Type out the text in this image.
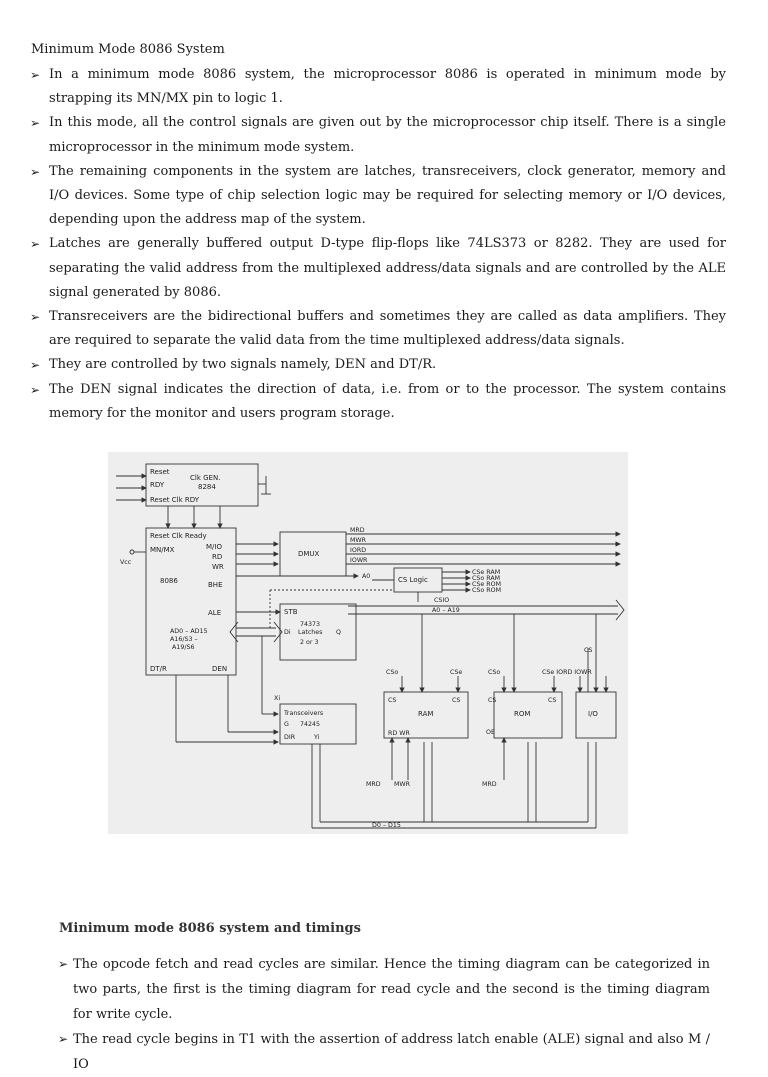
Minimum Mode 8086 System
➢ In a minimum mode 8086 system, the microprocessor 8086 is operated in minimum mode by strapping its MN/MX pin to logic 1.
➢ In this mode, all the control signals are given out by the microprocessor chip itself. There is a single microprocessor in the minimum mode system.
➢ The remaining components in the system are latches, transreceivers, clock generator, memory and I/O devices. Some type of chip selection logic may be required for selecting memory or I/O devices, depending upon the address map of the system.
➢ Latches are generally buffered output D-type flip-flops like 74LS373 or 8282. They are used for separating the valid address from the multiplexed address/data signals and are controlled by the ALE signal generated by 8086.
➢ Transreceivers are the bidirectional buffers and sometimes they are called as data amplifiers. They are required to separate the valid data from the time multiplexed address/data signals.
➢ They are controlled by two signals namely, DEN and DT/R.
➢ The DEN signal indicates the direction of data, i.e. from or to the processor. The system contains memory for the monitor and users program storage.
Reset
RDY
Clk GEN.
8284
Reset Clk RDY
Reset Clk Ready
MN/MX	M/IO
RD
WR
8086	BHE
ALE
AD0 – AD15
A16/S3 –
A19/S6
DT/R	DEN
Vcc
DMUX
MRD
MWR
IORD
IOWR
CS Logic
A0
CSe RAM
CSo RAM
CSe ROM
CSo ROM
CSIO
A0 – A19
STB
74373
Di Latches Q
2 or 3
Xi
Transceivers
G 74245
DIR	Yi
CSo	CSe
CS	CS
RAM
RD WR
MRD MWR
CSo
CS
ROM
OE
MRD
CS
CSe IORD IOWR
CS
I/O
D0 – D15
Minimum mode 8086 system and timings
➢ The opcode fetch and read cycles are similar. Hence the timing diagram can be categorized in two parts, the first is the timing diagram for read cycle and the second is the timing diagram for write cycle.
➢ The read cycle begins in T1 with the assertion of address latch enable (ALE) signal and also M / IO
